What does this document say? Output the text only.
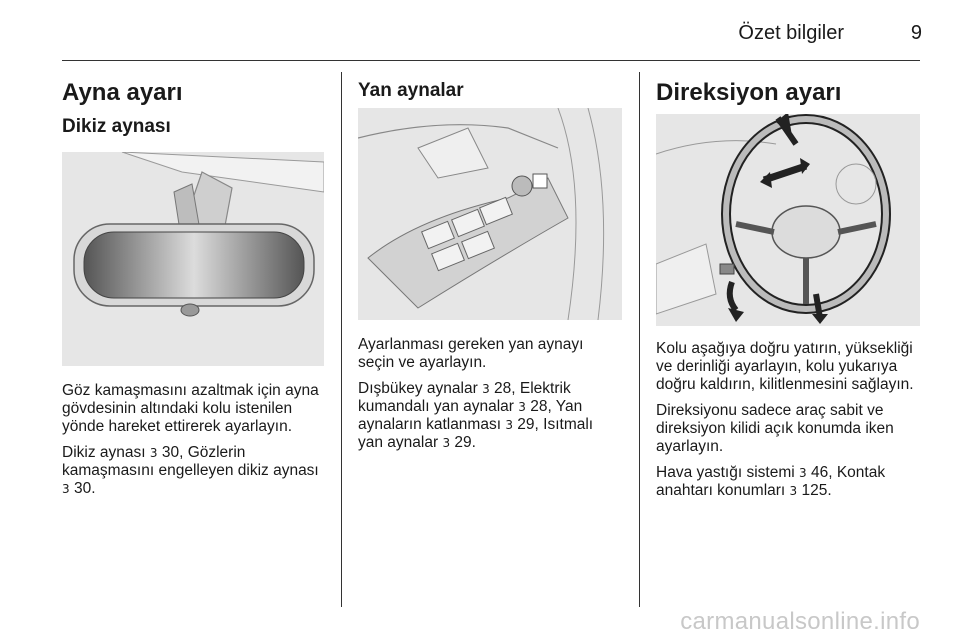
Özet bilgiler	9
Ayna ayarı
Dikiz aynası

Göz kamaşmasını azaltmak için ayna gövdesinin altındaki kolu istenilen yönde hareket ettirerek ayarlayın.

Dikiz aynası 3 30, Gözlerin kamaşmasını engelleyen dikiz aynası 3 30.

Yan aynalar

Ayarlanması gereken yan aynayı seçin ve ayarlayın.

Dışbükey aynalar 3 28, Elektrik kumandalı yan aynalar 3 28, Yan aynaların katlanması 3 29, Isıtmalı yan aynalar 3 29.

Direksiyon ayarı

Kolu aşağıya doğru yatırın, yüksekliği ve derinliği ayarlayın, kolu yukarıya doğru kaldırın, kilitlenmesini sağlayın.

Direksiyonu sadece araç sabit ve direksiyon kilidi açık konumda iken ayarlayın.

Hava yastığı sistemi 3 46, Kontak anahtarı konumları 3 125.

carmanualsonline.info
